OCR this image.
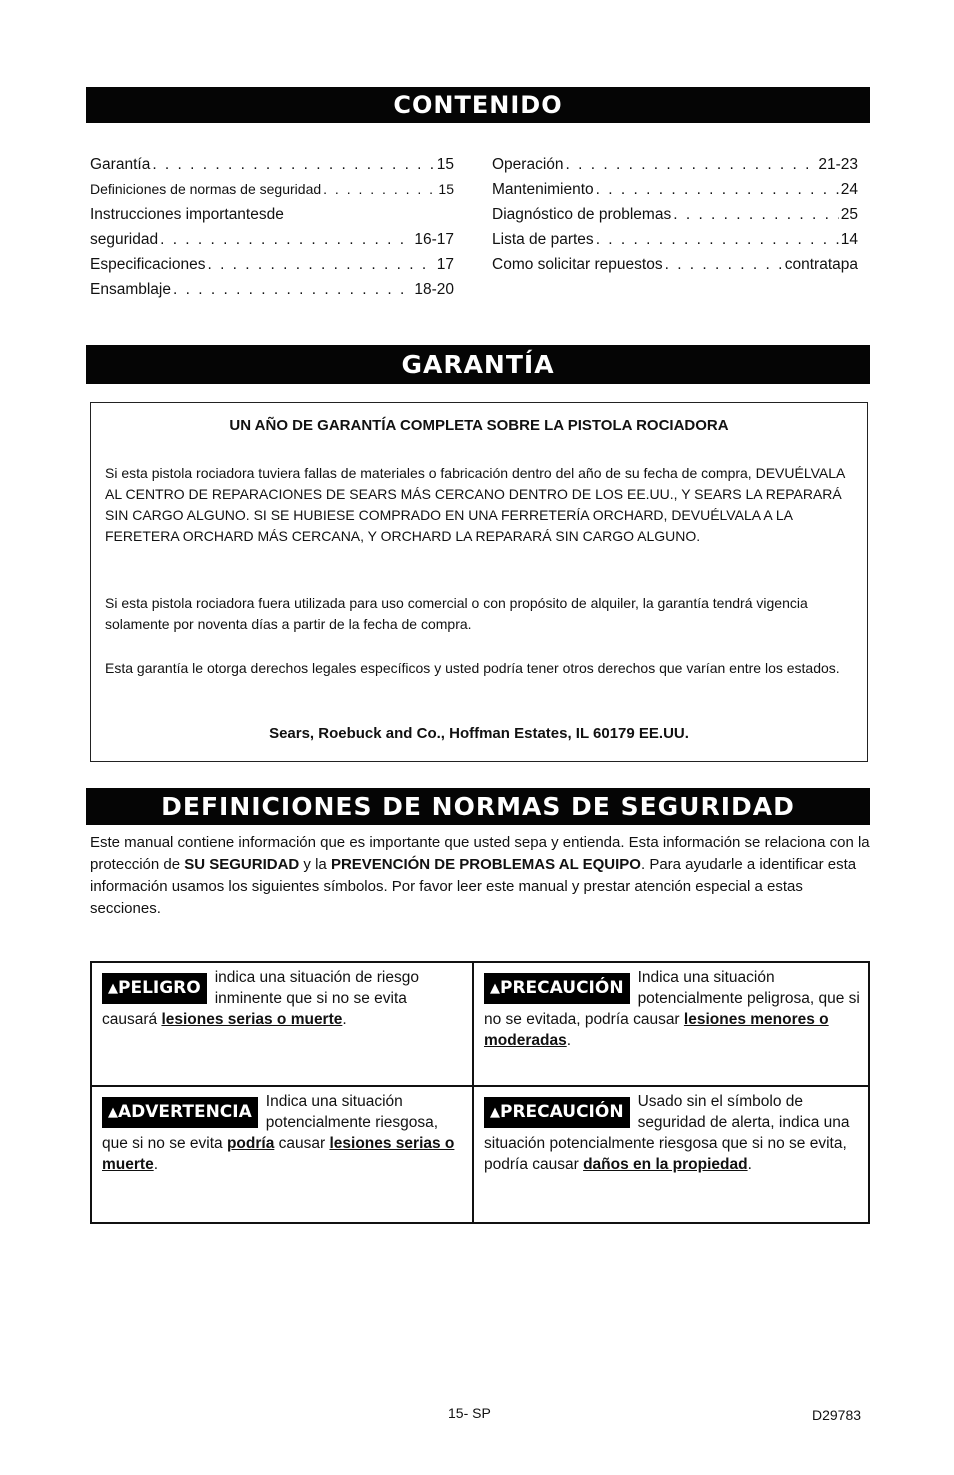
CONTENIDO
Garantía . . .	15
Definiciones de normas de seguridad . . .	15
Instrucciones importantesde
seguridad . . .	16-17
Especificaciones . . .	17
Ensamblaje . . .	18-20
Operación . . .	21-23
Mantenimiento . . .	24
Diagnóstico de problemas . . .	25
Lista de partes . . .	14
Como solicitar repuestos . . .	contratapa
GARANTÍA
UN AÑO DE GARANTÍA COMPLETA SOBRE LA PISTOLA ROCIADORA

Si esta pistola rociadora tuviera fallas de materiales o fabricación dentro del año de su fecha de compra, DEVUÉLVALA AL CENTRO DE REPARACIONES DE SEARS MÁS CERCANO DENTRO DE LOS EE.UU., Y SEARS LA REPARARÁ SIN CARGO ALGUNO. SI SE HUBIESE COMPRADO EN UNA FERRETERÍA ORCHARD, DEVUÉLVALA A LA FERETERA ORCHARD MÁS CERCANA, Y ORCHARD LA REPARARÁ SIN CARGO ALGUNO.

Si esta pistola rociadora fuera utilizada para uso comercial o con propósito de alquiler, la garantía tendrá vigencia solamente por noventa días a partir de la fecha de compra.

Esta garantía le otorga derechos legales específicos y usted podría tener otros derechos que varían entre los estados.

Sears, Roebuck and Co., Hoffman Estates, IL 60179 EE.UU.
DEFINICIONES DE NORMAS DE SEGURIDAD

Este manual contiene información que es importante que usted sepa y entienda. Esta información se relaciona con la protección de SU SEGURIDAD y la PREVENCIÓN DE PROBLEMAS AL EQUIPO. Para ayudarle a identificar esta información usamos los siguientes símbolos. Por favor leer este manual y prestar atención especial a estas secciones.

▲PELIGRO
indica una situación de riesgo inminente que si no se evita causará lesiones serias o muerte.
▲PRECAUCIÓN
Indica una situación potencialmente peligrosa, que si no se evitada, podría causar lesiones menores o moderadas.
▲ADVERTENCIA
Indica una situación potencialmente riesgosa, que si no se evita podría causar lesiones serias o muerte.
▲PRECAUCIÓN
Usado sin el símbolo de seguridad de alerta, indica una situación potencialmente riesgosa que si no se evita, podría causar daños en la propiedad.
15- SP	D29783
